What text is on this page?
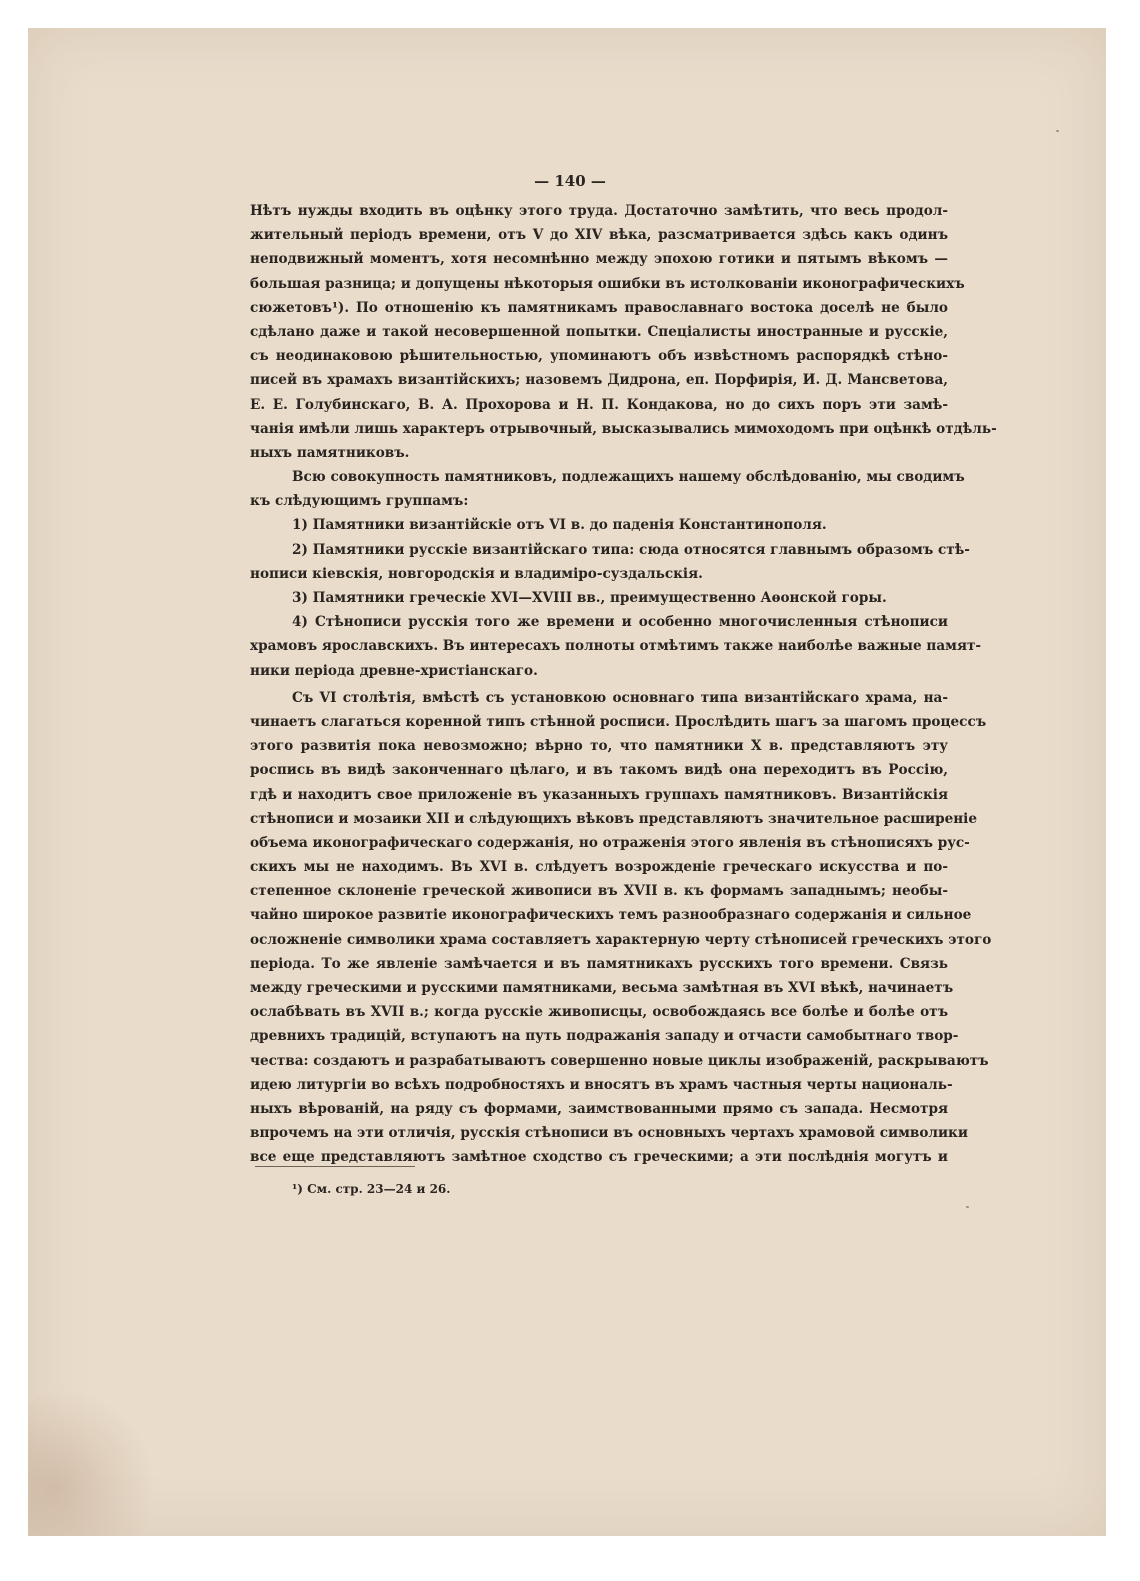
— 140 —
Нѣтъ нужды входить въ оцѣнку этого труда. Достаточно замѣтить, что весь продол-
жительный періодъ времени, отъ V до XIV вѣка, разсматривается здѣсь какъ одинъ
неподвижный моментъ, хотя несомнѣнно между эпохою готики и пятымъ вѣкомъ —
большая разница; и допущены нѣкоторыя ошибки въ истолкованіи иконографическихъ
сюжетовъ¹). По отношенію къ памятникамъ православнаго востока доселѣ не было
сдѣлано даже и такой несовершенной попытки. Спеціалисты иностранные и русскіе,
съ неодинаковою рѣшительностью, упоминаютъ объ извѣстномъ распорядкѣ стѣно-
писей въ храмахъ византійскихъ; назовемъ Дидрона, еп. Порфирія, И. Д. Мансветова,
Е. Е. Голубинскаго, В. А. Прохорова и Н. П. Кондакова, но до сихъ поръ эти замѣ-
чанія имѣли лишь характеръ отрывочный, высказывались мимоходомъ при оцѣнкѣ отдѣль-
ныхъ памятниковъ.
Всю совокупность памятниковъ, подлежащихъ нашему обслѣдованію, мы сводимъ
къ слѣдующимъ группамъ:
1) Памятники византійскіе отъ VI в. до паденія Константинополя.
2) Памятники русскіе византійскаго типа: сюда относятся главнымъ образомъ стѣ-
нописи кіевскія, новгородскія и владиміро-суздальскія.
3) Памятники греческіе XVI—XVIII вв., преимущественно Аѳонской горы.
4) Стѣнописи русскія того же времени и особенно многочисленныя стѣнописи
храмовъ ярославскихъ. Въ интересахъ полноты отмѣтимъ также наиболѣе важные памят-
ники періода древне-христіанскаго.
Съ VI столѣтія, вмѣстѣ съ установкою основнаго типа византійскаго храма, на-
чинаетъ слагаться коренной типъ стѣнной росписи. Прослѣдить шагъ за шагомъ процессъ
этого развитія пока невозможно; вѣрно то, что памятники X в. представляютъ эту
роспись въ видѣ законченнаго цѣлаго, и въ такомъ видѣ она переходитъ въ Россію,
гдѣ и находитъ свое приложеніе въ указанныхъ группахъ памятниковъ. Византійскія
стѣнописи и мозаики XII и слѣдующихъ вѣковъ представляютъ значительное расширеніе
объема иконографическаго содержанія, но отраженія этого явленія въ стѣнописяхъ рус-
скихъ мы не находимъ. Въ XVI в. слѣдуетъ возрожденіе греческаго искусства и по-
степенное склоненіе греческой живописи въ XVII в. къ формамъ западнымъ; необы-
чайно широкое развитіе иконографическихъ темъ разнообразнаго содержанія и сильное
осложненіе символики храма составляетъ характерную черту стѣнописей греческихъ этого
періода. То же явленіе замѣчается и въ памятникахъ русскихъ того времени. Связь
между греческими и русскими памятниками, весьма замѣтная въ XVI вѣкѣ, начинаетъ
ослабѣвать въ XVII в.; когда русскіе живописцы, освобождаясь все болѣе и болѣе отъ
древнихъ традицій, вступаютъ на путь подражанія западу и отчасти самобытнаго твор-
чества: создаютъ и разрабатываютъ совершенно новые циклы изображеній, раскрываютъ
идею литургіи во всѣхъ подробностяхъ и вносятъ въ храмъ частныя черты националь-
ныхъ вѣрованій, на ряду съ формами, заимствованными прямо съ запада. Несмотря
впрочемъ на эти отличія, русскія стѣнописи въ основныхъ чертахъ храмовой символики
все еще представляютъ замѣтное сходство съ греческими; а эти послѣднія могутъ и
¹) См. стр. 23—24 и 26.
